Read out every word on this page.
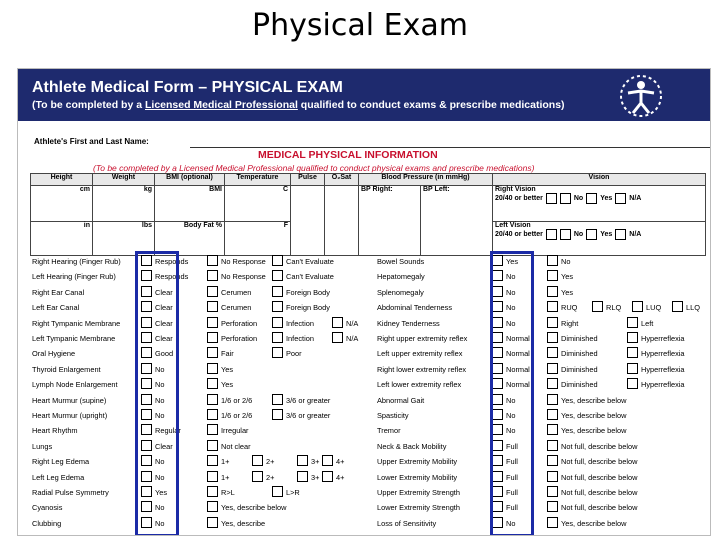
Physical Exam
Athlete Medical Form – PHYSICAL EXAM
(To be completed by a Licensed Medical Professional qualified to conduct exams & prescribe medications)
Athlete's First and Last Name:
MEDICAL PHYSICAL INFORMATION
(To be completed by a Licensed Medical Professional qualified to conduct physical exams and prescribe medications)
Height	Weight	BMI (optional)	Temperature	Pulse	O₂Sat	Blood Pressure (in mmHg)		Vision

cm	kg	BMI	C			BP Right:	BP Left:	Right Vision
20/40 or better No Yes N/A

in	lbs	Body Fat %	F					Left Vision
20/40 or better No Yes N/A
Right Hearing (Finger Rub)	Responds	No Response	Can't Evaluate
Left Hearing (Finger Rub)	Responds	No Response	Can't Evaluate
Right Ear Canal	Clear	Cerumen	Foreign Body
Left Ear Canal	Clear	Cerumen	Foreign Body
Right Tympanic Membrane	Clear	Perforation	Infection	N/A
Left Tympanic Membrane	Clear	Perforation	Infection	N/A
Oral Hygiene	Good	Fair	Poor
Thyroid Enlargement	No	Yes
Lymph Node Enlargement	No	Yes
Heart Murmur (supine)	No	1/6 or 2/6	3/6 or greater
Heart Murmur (upright)	No	1/6 or 2/6	3/6 or greater
Heart Rhythm	Regular	Irregular
Lungs	Clear	Not clear
Right Leg Edema	No	1+	2+	3+ 4+
Left Leg Edema	No	1+	2+	3+ 4+
Radial Pulse Symmetry	Yes	R>L	L>R
Cyanosis	No	Yes, describe below
Clubbing	No	Yes, describe
Bowel Sounds	Yes	No
Hepatomegaly	No	Yes
Splenomegaly	No	Yes
Abdominal Tenderness	No	RUQ	RLQ	LUQ	LLQ
Kidney Tenderness	No	Right	Left
Right upper extremity reflex	Normal	Diminished	Hyperreflexia
Left upper extremity reflex	Normal	Diminished	Hyperreflexia
Right lower extremity reflex	Normal	Diminished	Hyperreflexia
Left lower extremity reflex	Normal	Diminished	Hyperreflexia
Abnormal Gait	No	Yes, describe below
Spasticity	No	Yes, describe below
Tremor	No	Yes, describe below
Neck & Back Mobility	Full	Not full, describe below
Upper Extremity Mobility	Full	Not full, describe below
Lower Extremity Mobility	Full	Not full, describe below
Upper Extremity Strength	Full	Not full, describe below
Lower Extremity Strength	Full	Not full, describe below
Loss of Sensitivity	No	Yes, describe below
